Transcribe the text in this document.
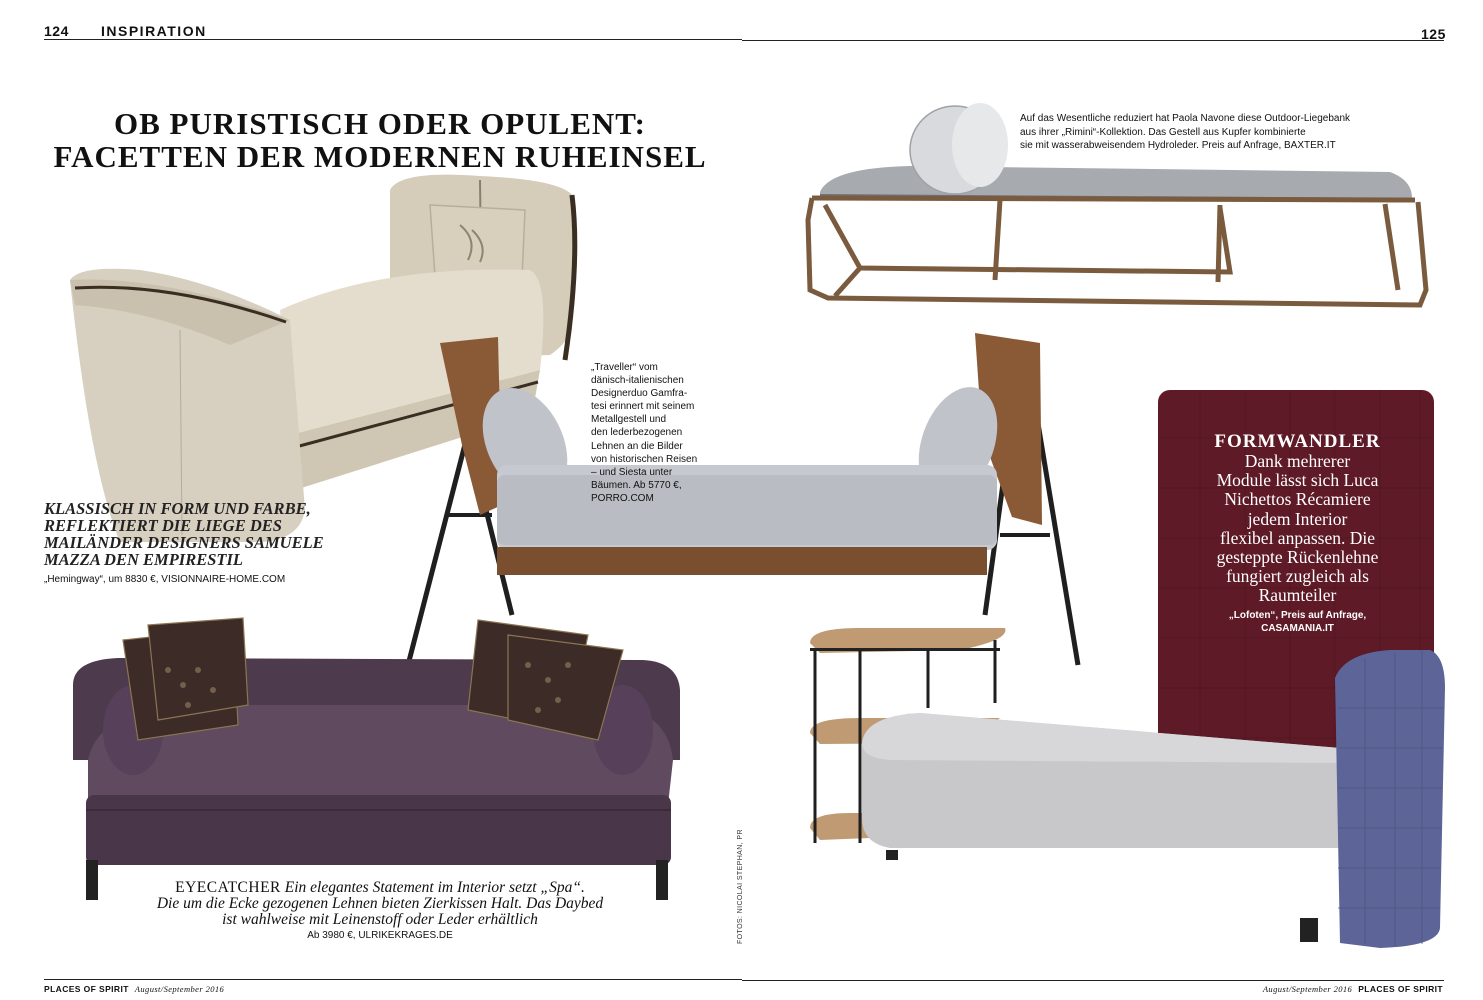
124 INSPIRATION	125
OB PURISTISCH ODER OPULENT:
FACETTEN DER MODERNEN RUHEINSEL
KLASSISCH IN FORM UND FARBE,
REFLEKTIERT DIE LIEGE DES
MAILÄNDER DESIGNERS SAMUELE
MAZZA DEN EMPIRESTIL
„Hemingway“, um 8830 €, VISIONNAIRE-HOME.COM
„Traveller“ vom
dänisch-italienischen
Designerduo Gamfra-
tesi erinnert mit seinem
Metallgestell und
den lederbezogenen
Lehnen an die Bilder
von historischen Reisen
– und Siesta unter
Bäumen. Ab 5770 €,
PORRO.COM
Auf das Wesentliche reduziert hat Paola Navone diese Outdoor-Liegebank
aus ihrer „Rimini“-Kollektion. Das Gestell aus Kupfer kombinierte
sie mit wasserabweisendem Hydroleder. Preis auf Anfrage, BAXTER.IT
FORMWANDLER
Dank mehrerer
Module lässt sich Luca
Nichettos Récamiere
jedem Interior
flexibel anpassen. Die
gesteppte Rückenlehne
fungiert zugleich als
Raumteiler
„Lofoten“, Preis auf Anfrage,
CASAMANIA.IT
EYECATCHER Ein elegantes Statement im Interior setzt „Spa“.
Die um die Ecke gezogenen Lehnen bieten Zierkissen Halt. Das Daybed
ist wahlweise mit Leinenstoff oder Leder erhältlich
Ab 3980 €, ULRIKEKRAGES.DE	FOTOS: NICOLAI STEPHAN, PR
PLACES OF SPIRIT August/September 2016	August/September 2016 PLACES OF SPIRIT
